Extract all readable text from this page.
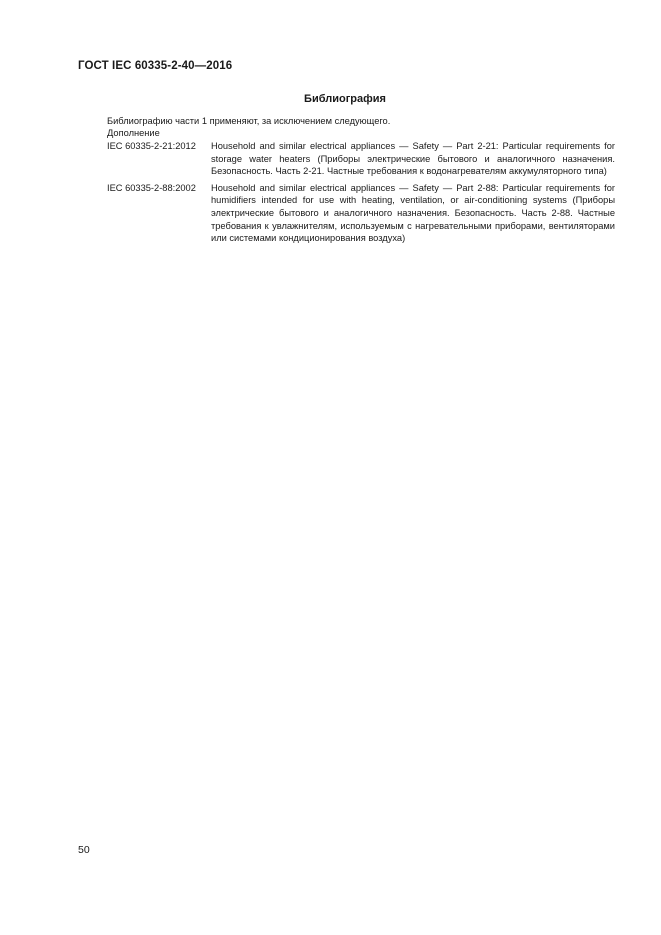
ГОСТ IEC 60335-2-40—2016
Библиография
Библиографию части 1 применяют, за исключением следующего.
Дополнение
IEC 60335-2-21:2012	Household and similar electrical appliances — Safety — Part 2-21: Particular requirements for storage water heaters (Приборы электрические бытового и аналогичного назначения. Безопасность. Часть 2-21. Частные требования к водонагревателям аккумуляторного типа)
IEC 60335-2-88:2002	Household and similar electrical appliances — Safety — Part 2-88: Particular requirements for humidifiers intended for use with heating, ventilation, or air-conditioning systems (Приборы электрические бытового и аналогичного назначения. Безопасность. Часть 2-88. Частные требования к увлажнителям, используемым с нагревательными приборами, вентиляторами или системами кондиционирования воздуха)
50
